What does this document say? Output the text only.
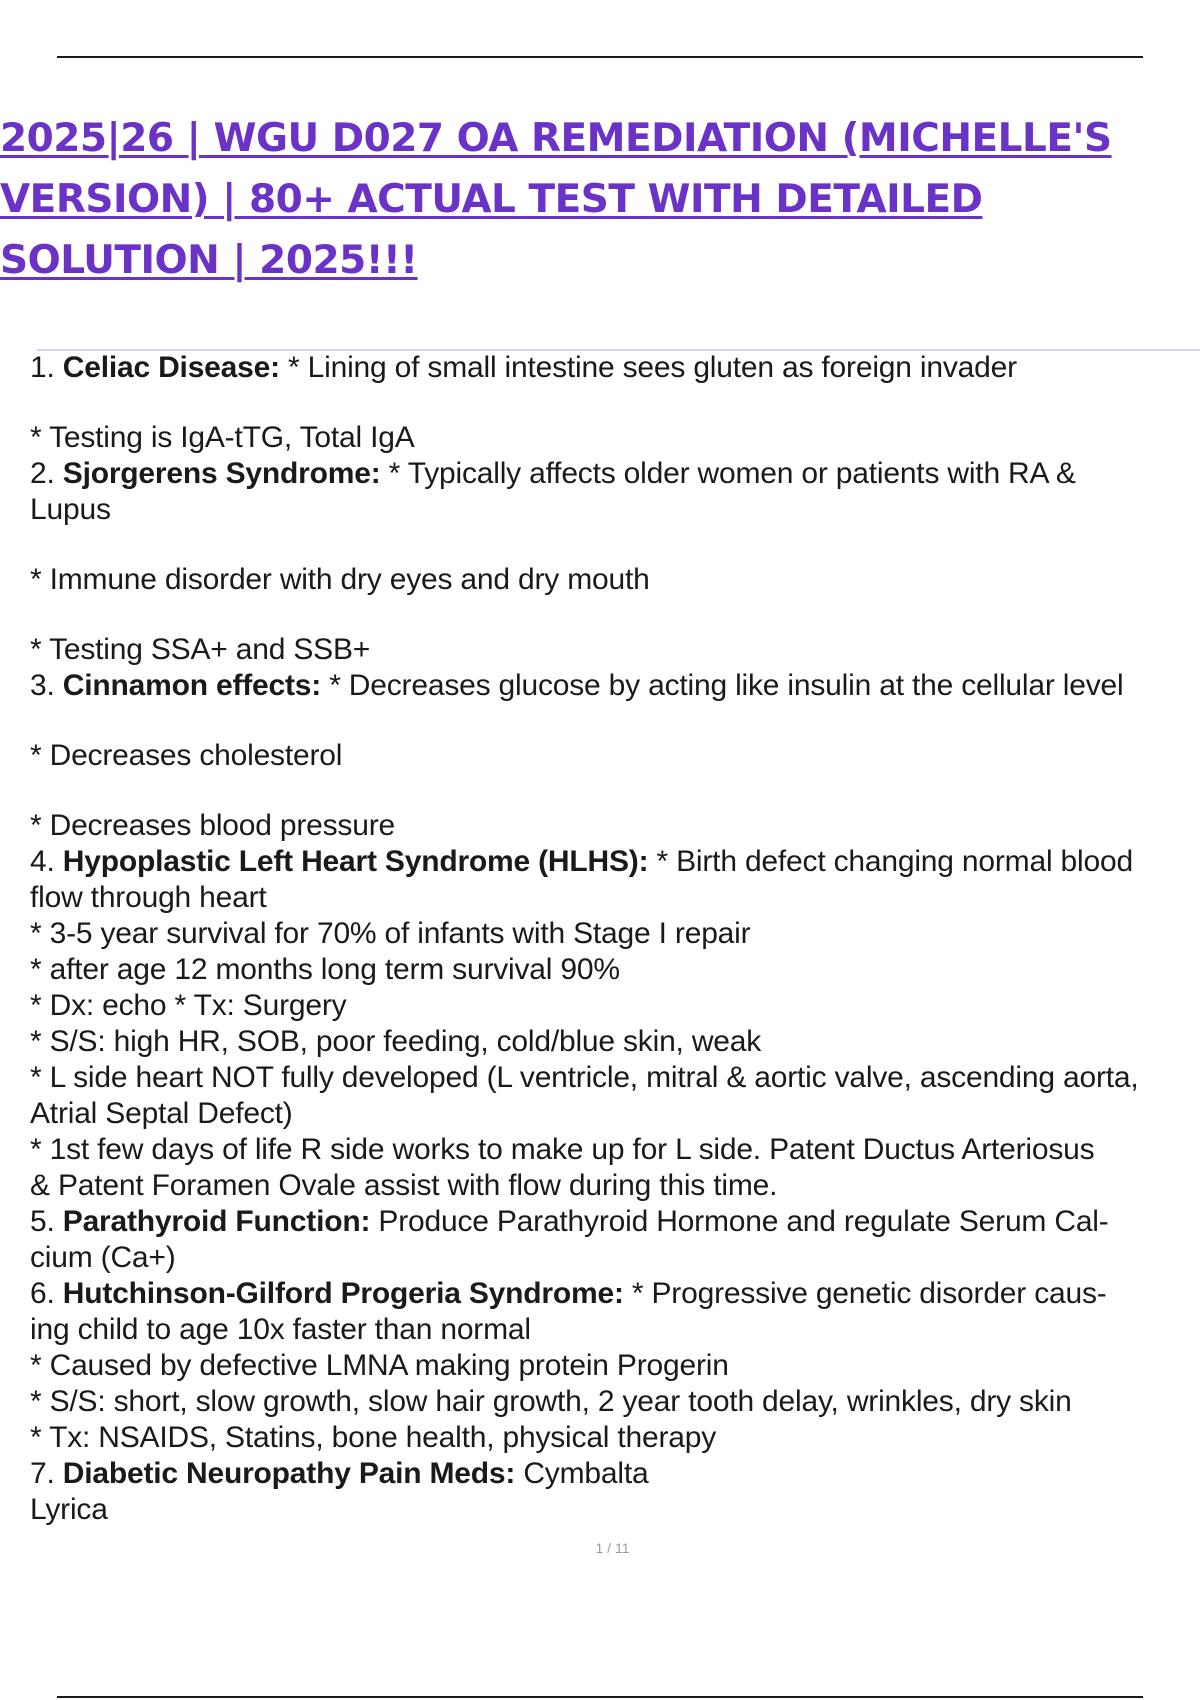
2025|26 | WGU D027 OA REMEDIATION (MICHELLE'S
VERSION) | 80+ ACTUAL TEST WITH DETAILED
SOLUTION | 2025!!!
1. Celiac Disease: * Lining of small intestine sees gluten as foreign invader
* Testing is IgA-tTG, Total IgA
2. Sjorgerens Syndrome: * Typically affects older women or patients with RA &
Lupus
* Immune disorder with dry eyes and dry mouth
* Testing SSA+ and SSB+
3. Cinnamon effects: * Decreases glucose by acting like insulin at the cellular level
* Decreases cholesterol
* Decreases blood pressure
4. Hypoplastic Left Heart Syndrome (HLHS): * Birth defect changing normal blood
flow through heart
* 3-5 year survival for 70% of infants with Stage I repair
* after age 12 months long term survival 90%
* Dx: echo * Tx: Surgery
* S/S: high HR, SOB, poor feeding, cold/blue skin, weak
* L side heart NOT fully developed (L ventricle, mitral & aortic valve, ascending aorta,
Atrial Septal Defect)
* 1st few days of life R side works to make up for L side. Patent Ductus Arteriosus
& Patent Foramen Ovale assist with flow during this time.
5. Parathyroid Function: Produce Parathyroid Hormone and regulate Serum Cal-
cium (Ca+)
6. Hutchinson-Gilford Progeria Syndrome: * Progressive genetic disorder caus-
ing child to age 10x faster than normal
* Caused by defective LMNA making protein Progerin
* S/S: short, slow growth, slow hair growth, 2 year tooth delay, wrinkles, dry skin
* Tx: NSAIDS, Statins, bone health, physical therapy
7. Diabetic Neuropathy Pain Meds: Cymbalta
Lyrica
1 / 11
